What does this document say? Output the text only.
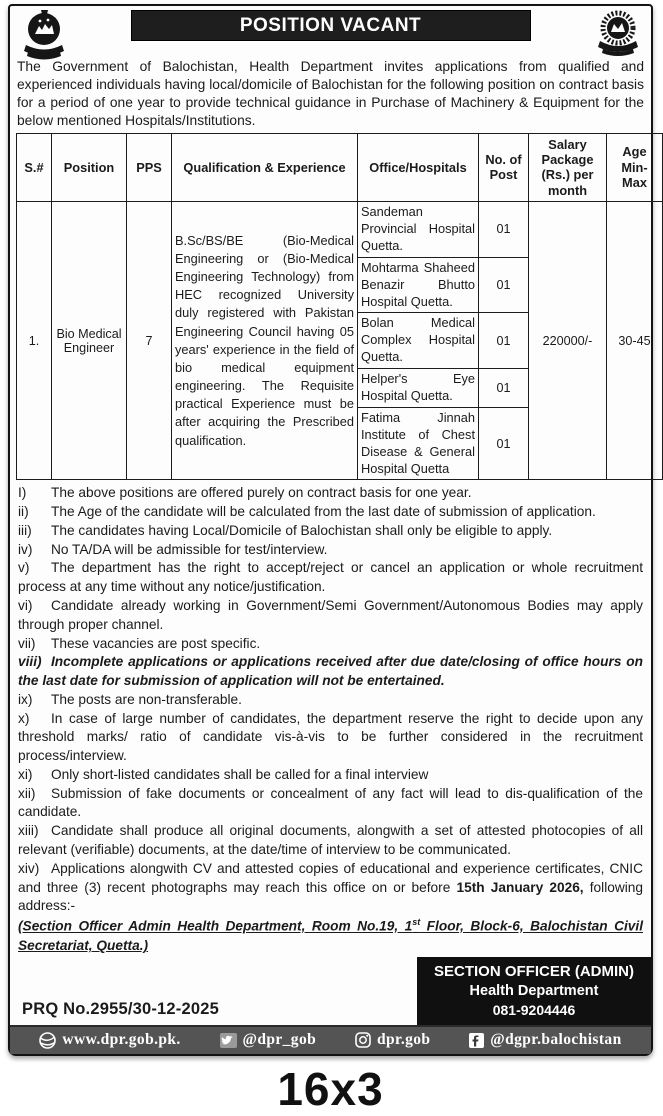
POSITION VACANT

The Government of Balochistan, Health Department invites applications from qualified and experienced individuals having local/domicile of Balochistan for the following position on contract basis for a period of one year to provide technical guidance in Purchase of Machinery & Equipment for the below mentioned Hospitals/Institutions.

S.#	Position	PPS	Qualification & Experience	Office/Hospitals	No. of Post	Salary Package (Rs.) per month	Age Min- Max
1.	Bio Medical Engineer	7	B.Sc/BS/BE (Bio-Medical Engineering or (Bio-Medical Engineering Technology) from HEC recognized University duly registered with Pakistan Engineering Council having 05 years' experience in the field of bio medical equipment engineering. The Requisite practical Experience must be after acquiring the Prescribed qualification.	Sandeman Provincial Hospital Quetta.	01	220000/-	30-45
				Mohtarma Shaheed Benazir Bhutto Hospital Quetta.	01		
				Bolan Medical Complex Hospital Quetta.	01		
				Helper's Eye Hospital Quetta.	01		
				Fatima Jinnah Institute of Chest Disease & General Hospital Quetta	01		
I) The above positions are offered purely on contract basis for one year.
ii) The Age of the candidate will be calculated from the last date of submission of application.
iii) The candidates having Local/Domicile of Balochistan shall only be eligible to apply.
iv) No TA/DA will be admissible for test/interview.
v) The department has the right to accept/reject or cancel an application or whole recruitment process at any time without any notice/justification.
vi) Candidate already working in Government/Semi Government/Autonomous Bodies may apply through proper channel.
vii) These vacancies are post specific.
viii) Incomplete applications or applications received after due date/closing of office hours on the last date for submission of application will not be entertained.
ix) The posts are non-transferable.
x) In case of large number of candidates, the department reserve the right to decide upon any threshold marks/ ratio of candidate vis-à-vis to be further considered in the recruitment process/interview.
xi) Only short-listed candidates shall be called for a final interview
xii) Submission of fake documents or concealment of any fact will lead to dis-qualification of the candidate.
xiii) Candidate shall produce all original documents, alongwith a set of attested photocopies of all relevant (verifiable) documents, at the date/time of interview to be communicated.
xiv) Applications alongwith CV and attested copies of educational and experience certificates, CNIC and three (3) recent photographs may reach this office on or before 15th January 2026, following address:-
(Section Officer Admin Health Department, Room No.19, 1st Floor, Block-6, Balochistan Civil Secretariat, Quetta.)
PRQ No.2955/30-12-2025
SECTION OFFICER (ADMIN)
Health Department
081-9204446
www.dpr.gob.pk.	@dpr_gob	dpr.gob	@dgpr.balochistan
16x3
